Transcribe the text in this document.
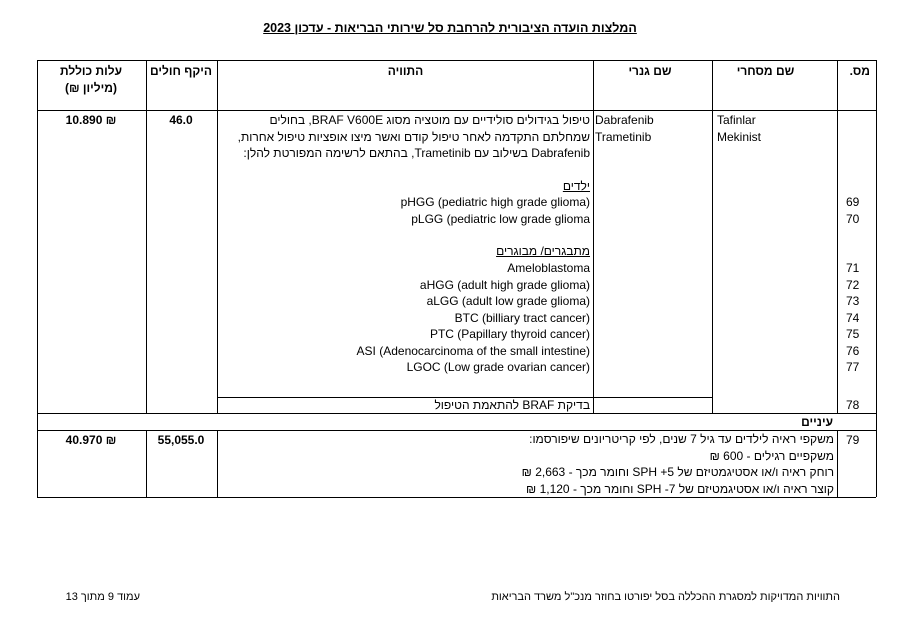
המלצות הועדה הציבורית להרחבת סל שירותי הבריאות - עדכון 2023
מס.
שם מסחרי
שם גנרי
התוויה
היקף חולים
עלות כוללת
(מיליון ₪)
Tafinlar
Mekinist
Dabrafenib
Trametinib
טיפול בגידולים סולידיים עם מוטציה מסוג BRAF V600E, בחולים
שמחלתם התקדמה לאחר טיפול קודם ואשר מיצו אופציות טיפול אחרות,
Dabrafenib בשילוב עם Trametinib, בהתאם לרשימה המפורטת להלן:
ילדים
pHGG (pediatric high grade glioma)
pLGG (pediatric low grade glioma
69
70
מתבגרים/ מבוגרים
Ameloblastoma
aHGG (adult high grade glioma)
aLGG (adult low grade glioma)
BTC (billiary tract cancer)
PTC (Papillary thyroid cancer)
ASI (Adenocarcinoma of the small intestine)
LGOC (Low grade ovarian cancer)
71
72
73
74
75
76
77
46.0
10.890 ₪
78
בדיקת BRAF להתאמת הטיפול
עיניים
79
משקפי ראיה לילדים עד גיל 7 שנים, לפי קריטריונים שיפורסמו:
משקפיים רגילים - 600 ₪
רוחק ראיה ו/או אסטיגמטיזם של SPH +5 וחומר מכך - 2,663 ₪
קוצר ראיה ו/או אסטיגמטיזם של SPH -7 וחומר מכך - 1,120 ₪
55,055.0
40.970 ₪
התוויות המדויקות למסגרת ההכללה בסל יפורטו בחוזר מנכ"ל משרד הבריאות
עמוד 9 מתוך 13
